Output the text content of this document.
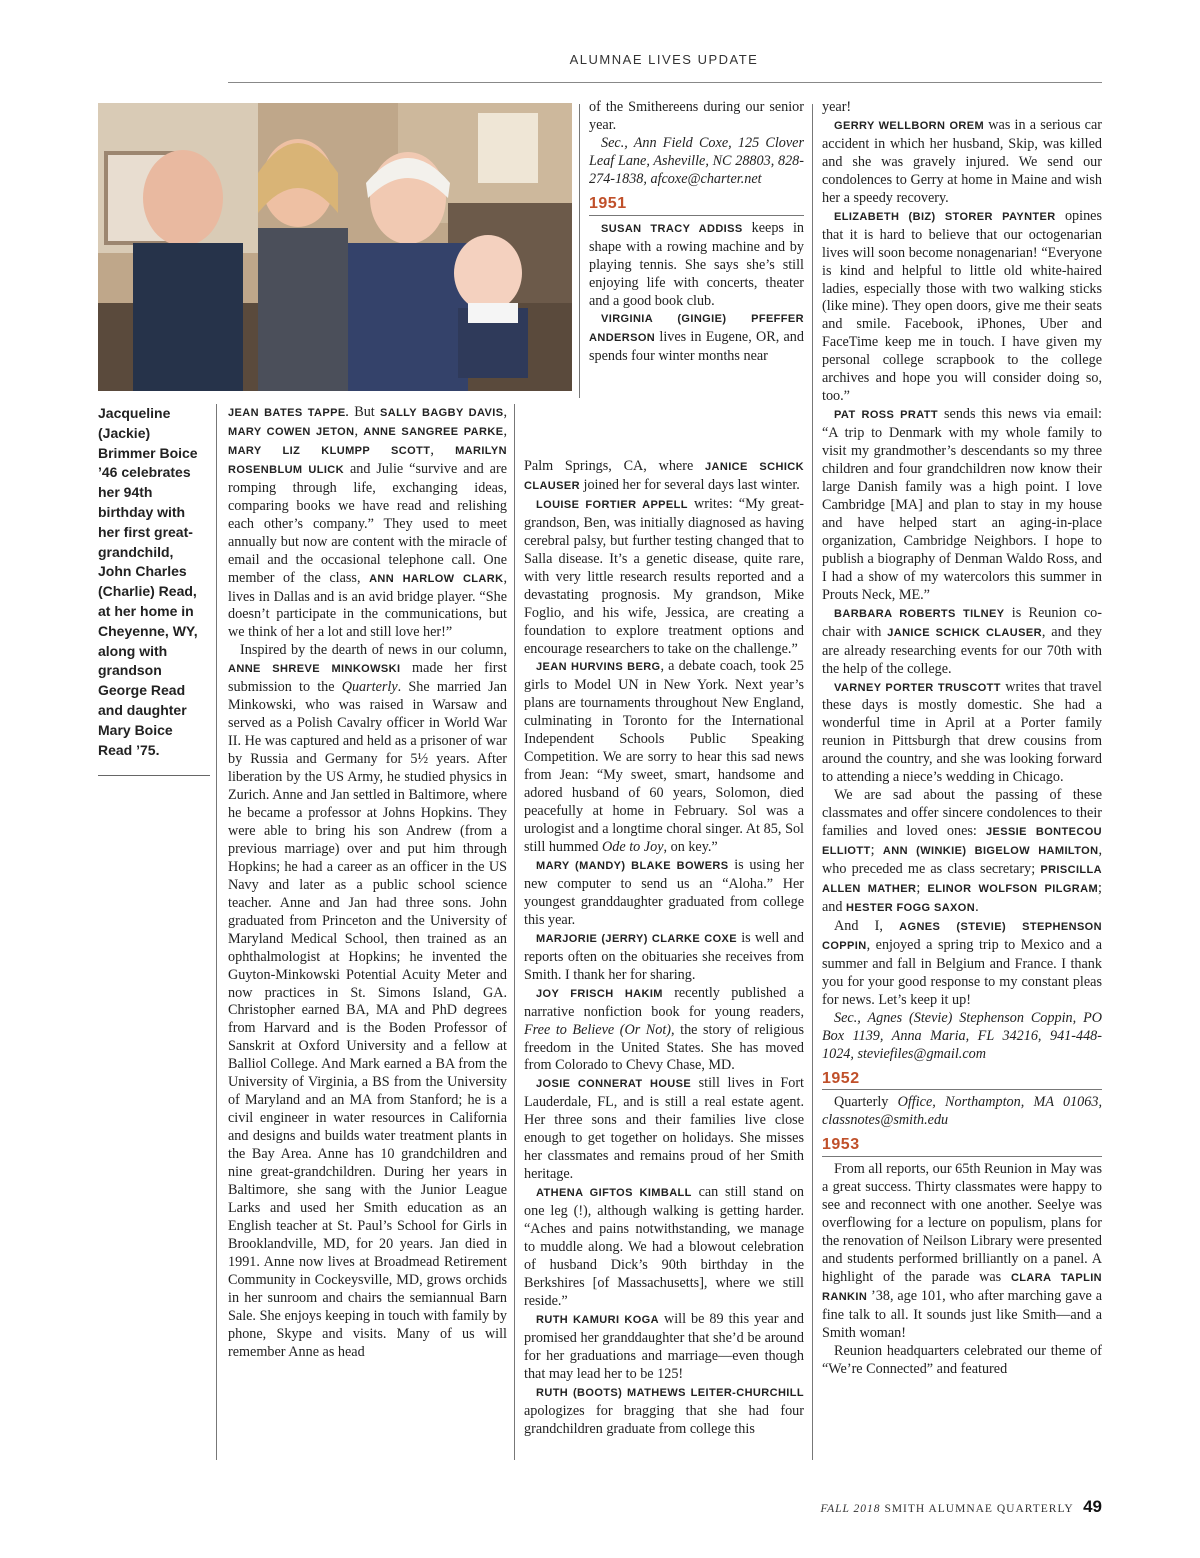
ALUMNAE LIVES UPDATE
Jacqueline (Jackie) Brimmer Boice ’46 celebrates her 94th birthday with her first great-grandchild, John Charles (Charlie) Read, at her home in Cheyenne, WY, along with grandson George Read and daughter Mary Boice Read ’75.

JEAN BATES TAPPE. But SALLY BAGBY DAVIS, MARY COWEN JETON, ANNE SANGREE PARKE, MARY LIZ KLUMPP SCOTT, MARILYN ROSENBLUM ULICK and Julie “survive and are romping through life, exchanging ideas, comparing books we have read and relishing each other’s company.” They used to meet annually but now are content with the miracle of email and the occasional telephone call. One member of the class, ANN HARLOW CLARK, lives in Dallas and is an avid bridge player. “She doesn’t participate in the communications, but we think of her a lot and still love her!”

Inspired by the dearth of news in our column, ANNE SHREVE MINKOWSKI made her first submission to the Quarterly. She married Jan Minkowski, who was raised in Warsaw and served as a Polish Cavalry officer in World War II. He was captured and held as a prisoner of war by Russia and Germany for 5½ years. After liberation by the US Army, he studied physics in Zurich. Anne and Jan settled in Baltimore, where he became a professor at Johns Hopkins. They were able to bring his son Andrew (from a previous marriage) over and put him through Hopkins; he had a career as an officer in the US Navy and later as a public school science teacher. Anne and Jan had three sons. John graduated from Princeton and the University of Maryland Medical School, then trained as an ophthalmologist at Hopkins; he invented the Guyton-Minkowski Potential Acuity Meter and now practices in St. Simons Island, GA. Christopher earned BA, MA and PhD degrees from Harvard and is the Boden Professor of Sanskrit at Oxford University and a fellow at Balliol College. And Mark earned a BA from the University of Virginia, a BS from the University of Maryland and an MA from Stanford; he is a civil engineer in water resources in California and designs and builds water treatment plants in the Bay Area. Anne has 10 grandchildren and nine great-grandchildren. During her years in Baltimore, she sang with the Junior League Larks and used her Smith education as an English teacher at St. Paul’s School for Girls in Brooklandville, MD, for 20 years. Jan died in 1991. Anne now lives at Broadmead Retirement Community in Cockeysville, MD, grows orchids in her sunroom and chairs the semiannual Barn Sale. She enjoys keeping in touch with family by phone, Skype and visits. Many of us will remember Anne as head

of the Smithereens during our senior year.

Sec., Ann Field Coxe, 125 Clover Leaf Lane, Asheville, NC 28803, 828-274-1838, afcoxe@charter.net

1951

SUSAN TRACY ADDISS keeps in shape with a rowing machine and by playing tennis. She says she’s still enjoying life with concerts, theater and a good book club.

VIRGINIA (GINGIE) PFEFFER ANDERSON lives in Eugene, OR, and spends four winter months near

Palm Springs, CA, where JANICE SCHICK CLAUSER joined her for several days last winter.

LOUISE FORTIER APPELL writes: “My great-grandson, Ben, was initially diagnosed as having cerebral palsy, but further testing changed that to Salla disease. It’s a genetic disease, quite rare, with very little research results reported and a devastating prognosis. My grandson, Mike Foglio, and his wife, Jessica, are creating a foundation to explore treatment options and encourage researchers to take on the challenge.”

JEAN HURVINS BERG, a debate coach, took 25 girls to Model UN in New York. Next year’s plans are tournaments throughout New England, culminating in Toronto for the International Independent Schools Public Speaking Competition. We are sorry to hear this sad news from Jean: “My sweet, smart, handsome and adored husband of 60 years, Solomon, died peacefully at home in February. Sol was a urologist and a longtime choral singer. At 85, Sol still hummed Ode to Joy, on key.”

MARY (MANDY) BLAKE BOWERS is using her new computer to send us an “Aloha.” Her youngest granddaughter graduated from college this year.

MARJORIE (JERRY) CLARKE COXE is well and reports often on the obituaries she receives from Smith. I thank her for sharing.

JOY FRISCH HAKIM recently published a narrative nonfiction book for young readers, Free to Believe (Or Not), the story of religious freedom in the United States. She has moved from Colorado to Chevy Chase, MD.

JOSIE CONNERAT HOUSE still lives in Fort Lauderdale, FL, and is still a real estate agent. Her three sons and their families live close enough to get together on holidays. She misses her classmates and remains proud of her Smith heritage.

ATHENA GIFTOS KIMBALL can still stand on one leg (!), although walking is getting harder. “Aches and pains notwithstanding, we manage to muddle along. We had a blowout celebration of husband Dick’s 90th birthday in the Berkshires [of Massachusetts], where we still reside.”

RUTH KAMURI KOGA will be 89 this year and promised her granddaughter that she’d be around for her graduations and marriage—even though that may lead her to be 125!

RUTH (BOOTS) MATHEWS LEITER-CHURCHILL apologizes for bragging that she had four grandchildren graduate from college this

year!

GERRY WELLBORN OREM was in a serious car accident in which her husband, Skip, was killed and she was gravely injured. We send our condolences to Gerry at home in Maine and wish her a speedy recovery.

ELIZABETH (BIZ) STORER PAYNTER opines that it is hard to believe that our octogenarian lives will soon become nonagenarian! “Everyone is kind and helpful to little old white-haired ladies, especially those with two walking sticks (like mine). They open doors, give me their seats and smile. Facebook, iPhones, Uber and FaceTime keep me in touch. I have given my personal college scrapbook to the college archives and hope you will consider doing so, too.”

PAT ROSS PRATT sends this news via email: “A trip to Denmark with my whole family to visit my grandmother’s descendants so my three children and four grandchildren now know their large Danish family was a high point. I love Cambridge [MA] and plan to stay in my house and have helped start an aging-in-place organization, Cambridge Neighbors. I hope to publish a biography of Denman Waldo Ross, and I had a show of my watercolors this summer in Prouts Neck, ME.”

BARBARA ROBERTS TILNEY is Reunion co-chair with JANICE SCHICK CLAUSER, and they are already researching events for our 70th with the help of the college.

VARNEY PORTER TRUSCOTT writes that travel these days is mostly domestic. She had a wonderful time in April at a Porter family reunion in Pittsburgh that drew cousins from around the country, and she was looking forward to attending a niece’s wedding in Chicago.

We are sad about the passing of these classmates and offer sincere condolences to their families and loved ones: JESSIE BONTECOU ELLIOTT; ANN (WINKIE) BIGELOW HAMILTON, who preceded me as class secretary; PRISCILLA ALLEN MATHER; ELINOR WOLFSON PILGRAM; and HESTER FOGG SAXON.

And I, AGNES (STEVIE) STEPHENSON COPPIN, enjoyed a spring trip to Mexico and a summer and fall in Belgium and France. I thank you for your good response to my constant pleas for news. Let’s keep it up!

Sec., Agnes (Stevie) Stephenson Coppin, PO Box 1139, Anna Maria, FL 34216, 941-448-1024, steviefiles@gmail.com

1952

Quarterly Office, Northampton, MA 01063, classnotes@smith.edu

1953

From all reports, our 65th Reunion in May was a great success. Thirty classmates were happy to see and reconnect with one another. Seelye was overflowing for a lecture on populism, plans for the renovation of Neilson Library were presented and students performed brilliantly on a panel. A highlight of the parade was CLARA TAPLIN RANKIN ’38, age 101, who after marching gave a fine talk to all. It sounds just like Smith—and a Smith woman!

Reunion headquarters celebrated our theme of “We’re Connected” and featured

FALL 2018 SMITH ALUMNAE QUARTERLY 49
